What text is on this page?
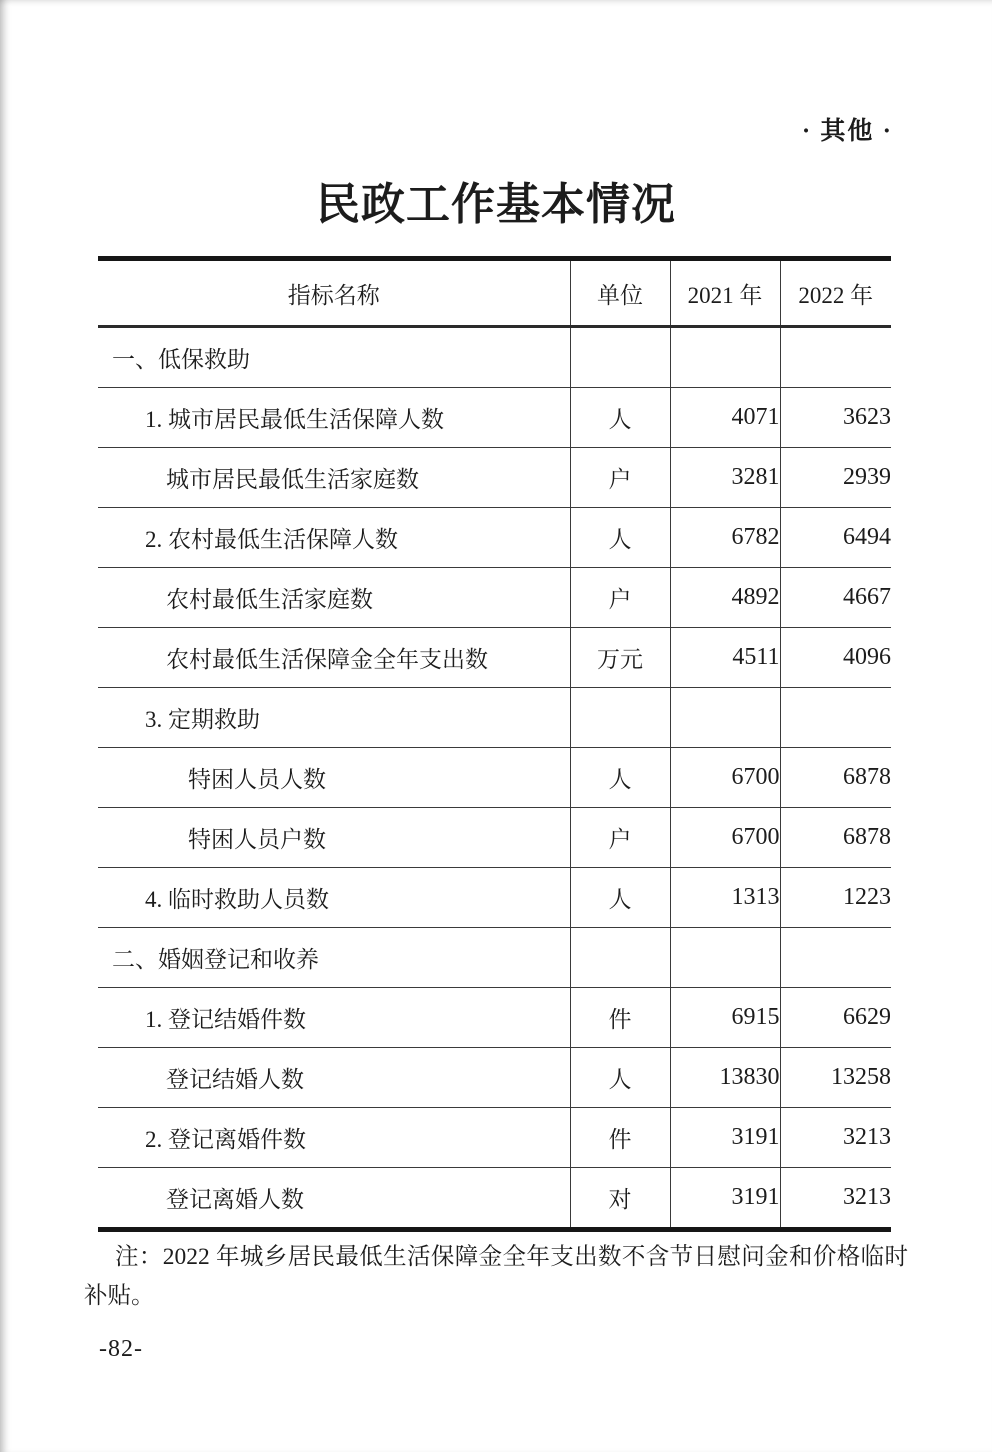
· 其他 ·
民政工作基本情况
指标名称	单位	2021 年	2022 年
一、低保救助			
1. 城市居民最低生活保障人数	人	4071	3623
城市居民最低生活家庭数	户	3281	2939
2. 农村最低生活保障人数	人	6782	6494
农村最低生活家庭数	户	4892	4667
农村最低生活保障金全年支出数	万元	4511	4096
3. 定期救助			
特困人员人数	人	6700	6878
特困人员户数	户	6700	6878
4. 临时救助人员数	人	1313	1223
二、婚姻登记和收养			
1. 登记结婚件数	件	6915	6629
登记结婚人数	人	13830	13258
2. 登记离婚件数	件	3191	3213
登记离婚人数	对	3191	3213

注：2022 年城乡居民最低生活保障金全年支出数不含节日慰问金和价格临时补贴。

-82-
